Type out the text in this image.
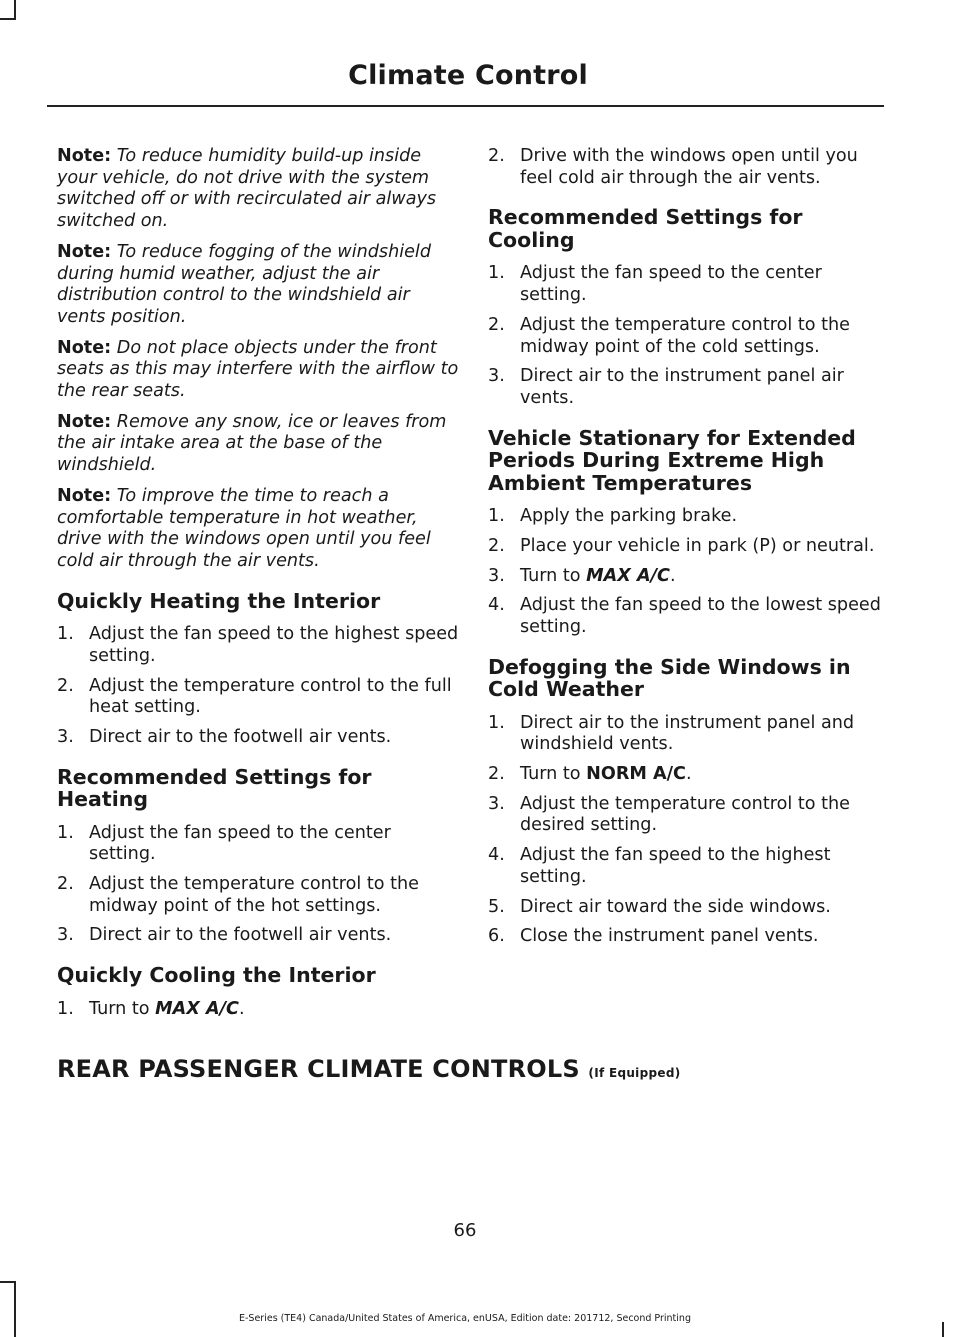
Climate Control

Note: To reduce humidity build-up inside your vehicle, do not drive with the system switched off or with recirculated air always switched on.

Note: To reduce fogging of the windshield during humid weather, adjust the air distribution control to the windshield air vents position.

Note: Do not place objects under the front seats as this may interfere with the airflow to the rear seats.

Note: Remove any snow, ice or leaves from the air intake area at the base of the windshield.

Note: To improve the time to reach a comfortable temperature in hot weather, drive with the windows open until you feel cold air through the air vents.

Quickly Heating the Interior
1. Adjust the fan speed to the highest speed setting.
2. Adjust the temperature control to the full heat setting.
3. Direct air to the footwell air vents.
Recommended Settings for Heating
1. Adjust the fan speed to the center setting.
2. Adjust the temperature control to the midway point of the hot settings.
3. Direct air to the footwell air vents.
Quickly Cooling the Interior
1. Turn to MAX A/C.
2. Drive with the windows open until you feel cold air through the air vents.
Recommended Settings for Cooling
1. Adjust the fan speed to the center setting.
2. Adjust the temperature control to the midway point of the cold settings.
3. Direct air to the instrument panel air vents.
Vehicle Stationary for Extended Periods During Extreme High Ambient Temperatures
1. Apply the parking brake.
2. Place your vehicle in park (P) or neutral.
3. Turn to MAX A/C.
4. Adjust the fan speed to the lowest speed setting.
Defogging the Side Windows in Cold Weather
1. Direct air to the instrument panel and windshield vents.
2. Turn to NORM A/C.
3. Adjust the temperature control to the desired setting.
4. Adjust the fan speed to the highest setting.
5. Direct air toward the side windows.
6. Close the instrument panel vents.
REAR PASSENGER CLIMATE CONTROLS (If Equipped)
66
E-Series (TE4) Canada/United States of America, enUSA, Edition date: 201712, Second Printing
